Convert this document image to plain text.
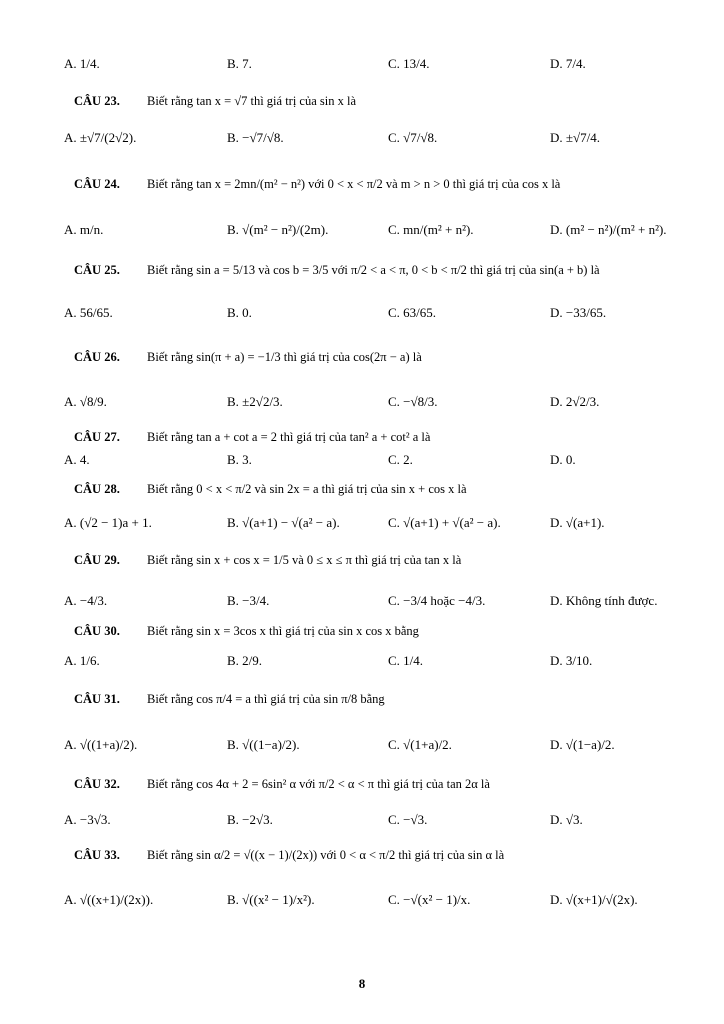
A. 1/4.	B. 7.	C. 13/4.	D. 7/4.
CÂU 23. Biết rằng tan x = √7 thì giá trị của sin x là
A. ±√7/(2√2).	B. −√7/√8.	C. √7/√8.	D. ±√7/4.
CÂU 24. Biết rằng tan x = 2mn/(m² − n²) với 0 < x < π/2 và m > n > 0 thì giá trị của cos x là
A. m/n.	B. √(m² − n²)/(2m).	C. mn/(m² + n²).	D. (m² − n²)/(m² + n²).
CÂU 25. Biết rằng sin a = 5/13 và cos b = 3/5 với π/2 < a < π, 0 < b < π/2 thì giá trị của sin(a + b) là
A. 56/65.	B. 0.	C. 63/65.	D. −33/65.
CÂU 26. Biết rằng sin(π + a) = −1/3 thì giá trị của cos(2π − a) là
A. √8/9.	B. ±2√2/3.	C. −√8/3.	D. 2√2/3.
CÂU 27. Biết rằng tan a + cot a = 2 thì giá trị của tan² a + cot² a là
A. 4.	B. 3.	C. 2.	D. 0.
CÂU 28. Biết rằng 0 < x < π/2 và sin 2x = a thì giá trị của sin x + cos x là
A. (√2 − 1)a + 1.	B. √(a+1) − √(a² − a).	C. √(a+1) + √(a² − a).	D. √(a+1).
CÂU 29. Biết rằng sin x + cos x = 1/5 và 0 ≤ x ≤ π thì giá trị của tan x là
A. −4/3.	B. −3/4.	C. −3/4 hoặc −4/3.	D. Không tính được.
CÂU 30. Biết rằng sin x = 3cos x thì giá trị của sin x cos x bằng
A. 1/6.	B. 2/9.	C. 1/4.	D. 3/10.
CÂU 31. Biết rằng cos π/4 = a thì giá trị của sin π/8 bằng
A. √((1+a)/2).	B. √((1−a)/2).	C. √(1+a)/2.	D. √(1−a)/2.
CÂU 32. Biết rằng cos 4α + 2 = 6sin² α với π/2 < α < π thì giá trị của tan 2α là
A. −3√3.	B. −2√3.	C. −√3.	D. √3.
CÂU 33. Biết rằng sin α/2 = √((x − 1)/(2x)) với 0 < α < π/2 thì giá trị của sin α là
A. √((x+1)/(2x)).	B. √((x² − 1)/x²).	C. −√(x² − 1)/x.	D. √(x+1)/√(2x).
8
